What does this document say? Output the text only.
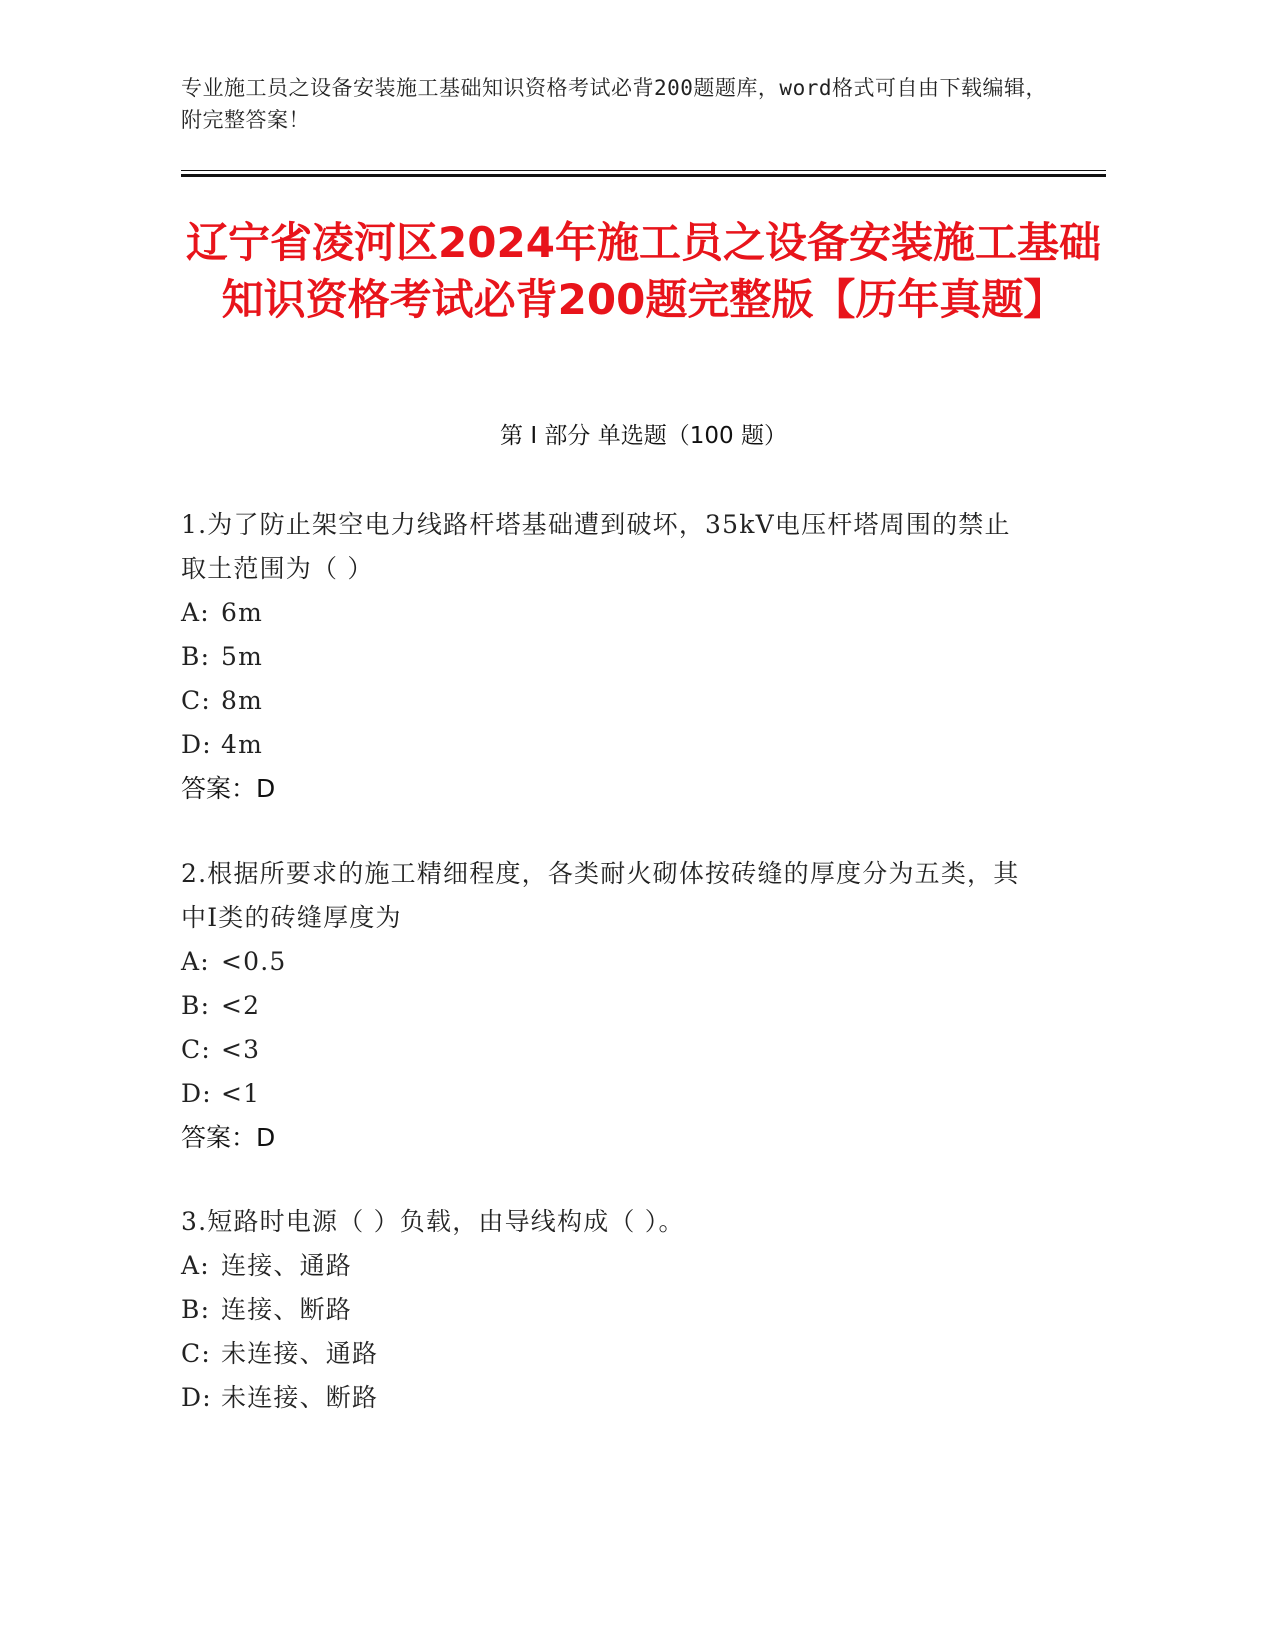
专业施工员之设备安装施工基础知识资格考试必背200题题库，word格式可自由下载编辑，附完整答案！
辽宁省凌河区2024年施工员之设备安装施工基础知识资格考试必背200题完整版【历年真题】
第 I 部分 单选题（100 题）
1.为了防止架空电力线路杆塔基础遭到破坏，35kV电压杆塔周围的禁止取土范围为（ ）
A: 6m
B: 5m
C: 8m
D: 4m
答案：D
2.根据所要求的施工精细程度，各类耐火砌体按砖缝的厚度分为五类，其中Ⅰ类的砖缝厚度为
A: <0.5
B: <2
C: <3
D: <1
答案：D
3.短路时电源（ ）负载，由导线构成（ ）。
A: 连接、通路
B: 连接、断路
C: 未连接、通路
D: 未连接、断路
